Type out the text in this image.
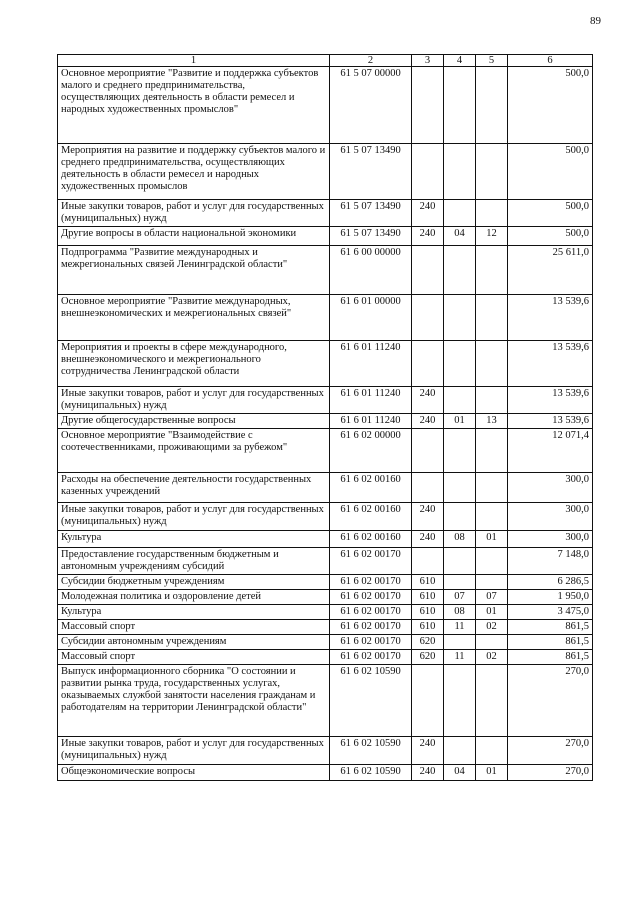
89
1	2	3	4	5	6
Основное мероприятие "Развитие и поддержка субъектов малого и среднего предпринимательства, осуществляющих деятельность в области ремесел и народных художественных промыслов"	61 5 07 00000				500,0
Мероприятия на развитие и поддержку субъектов малого и среднего предпринимательства, осуществляющих деятельность в области ремесел и народных художественных промыслов	61 5 07 13490				500,0
Иные закупки товаров, работ и услуг для государственных (муниципальных) нужд	61 5 07 13490	240			500,0
Другие вопросы в области национальной экономики	61 5 07 13490	240	04	12	500,0
Подпрограмма "Развитие международных и межрегиональных связей Ленинградской области"	61 6 00 00000				25 611,0
Основное мероприятие "Развитие международных, внешнеэкономических и межрегиональных связей"	61 6 01 00000				13 539,6
Мероприятия и проекты в сфере международного, внешнеэкономического и межрегионального сотрудничества Ленинградской области	61 6 01 11240				13 539,6
Иные закупки товаров, работ и услуг для государственных (муниципальных) нужд	61 6 01 11240	240			13 539,6
Другие общегосударственные вопросы	61 6 01 11240	240	01	13	13 539,6
Основное мероприятие "Взаимодействие с соотечественниками, проживающими за рубежом"	61 6 02 00000				12 071,4
Расходы на обеспечение деятельности государственных казенных учреждений	61 6 02 00160				300,0
Иные закупки товаров, работ и услуг для государственных (муниципальных) нужд	61 6 02 00160	240			300,0
Культура	61 6 02 00160	240	08	01	300,0
Предоставление государственным бюджетным и автономным учреждениям субсидий	61 6 02 00170				7 148,0
Субсидии бюджетным учреждениям	61 6 02 00170	610			6 286,5
Молодежная политика и оздоровление детей	61 6 02 00170	610	07	07	1 950,0
Культура	61 6 02 00170	610	08	01	3 475,0
Массовый спорт	61 6 02 00170	610	11	02	861,5
Субсидии автономным учреждениям	61 6 02 00170	620			861,5
Массовый спорт	61 6 02 00170	620	11	02	861,5
Выпуск информационного сборника "О состоянии и развитии рынка труда, государственных услугах, оказываемых службой занятости населения гражданам и работодателям на территории Ленинградской области"	61 6 02 10590				270,0
Иные закупки товаров, работ и услуг для государственных (муниципальных) нужд	61 6 02 10590	240			270,0
Общеэкономические вопросы	61 6 02 10590	240	04	01	270,0
